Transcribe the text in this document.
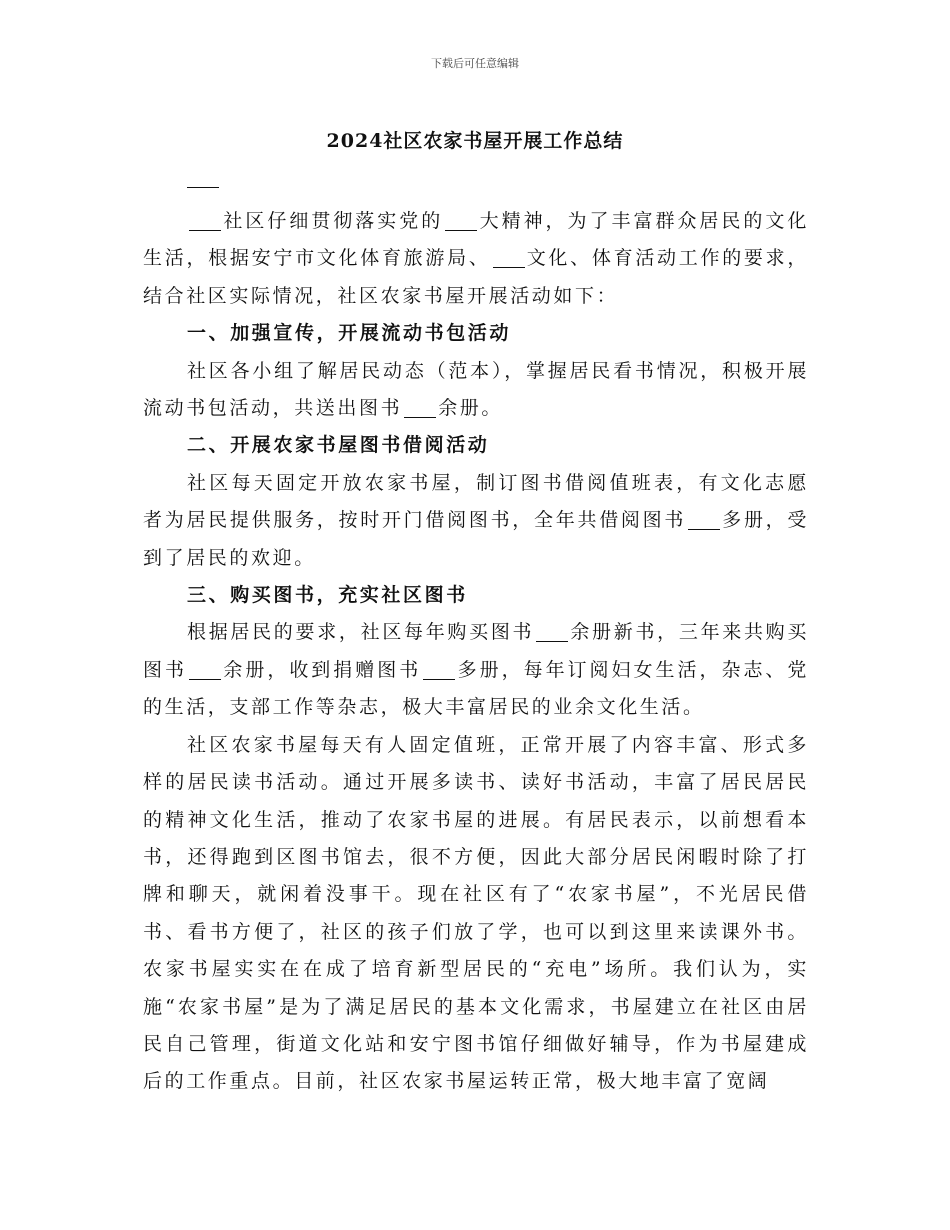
下载后可任意编辑
2024社区农家书屋开展工作总结

社区仔细贯彻落实党的 大精神，为了丰富群众居民的文化生活，根据安宁市文化体育旅游局、 文化、体育活动工作的要求，结合社区实际情况，社区农家书屋开展活动如下：

一、加强宣传，开展流动书包活动

社区各小组了解居民动态（范本），掌握居民看书情况，积极开展流动书包活动，共送出图书 余册。

二、开展农家书屋图书借阅活动

社区每天固定开放农家书屋，制订图书借阅值班表，有文化志愿者为居民提供服务，按时开门借阅图书，全年共借阅图书 多册，受到了居民的欢迎。

三、购买图书，充实社区图书

根据居民的要求，社区每年购买图书 余册新书，三年来共购买图书 余册，收到捐赠图书 多册，每年订阅妇女生活，杂志、党的生活，支部工作等杂志，极大丰富居民的业余文化生活。

社区农家书屋每天有人固定值班，正常开展了内容丰富、形式多样的居民读书活动。通过开展多读书、读好书活动，丰富了居民居民的精神文化生活，推动了农家书屋的进展。有居民表示，以前想看本书，还得跑到区图书馆去，很不方便，因此大部分居民闲暇时除了打牌和聊天，就闲着没事干。现在社区有了“农家书屋”，不光居民借书、看书方便了，社区的孩子们放了学，也可以到这里来读课外书。农家书屋实实在在成了培育新型居民的“充电”场所。我们认为，实施“农家书屋”是为了满足居民的基本文化需求，书屋建立在社区由居民自己管理，街道文化站和安宁图书馆仔细做好辅导，作为书屋建成后的工作重点。目前，社区农家书屋运转正常，极大地丰富了宽阔
